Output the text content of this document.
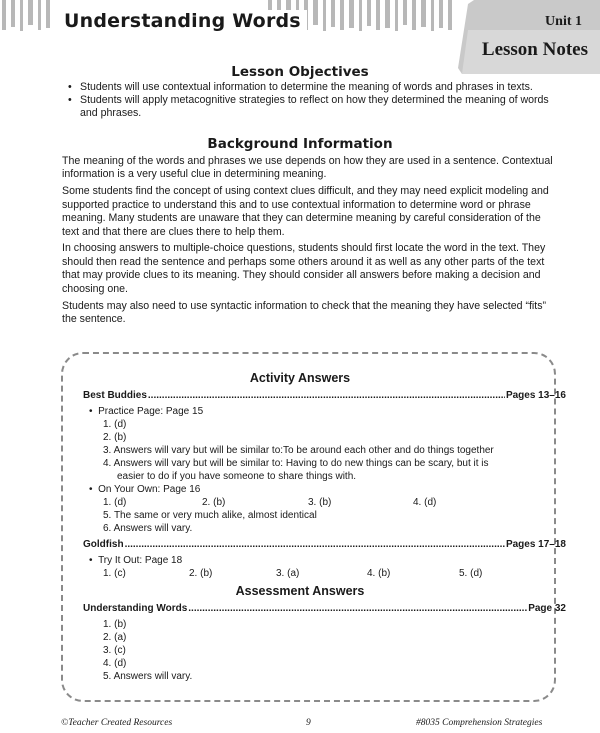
Understanding Words	Unit 1
Lesson Notes
Lesson Objectives
• Students will use contextual information to determine the meaning of words and phrases in texts.
• Students will apply metacognitive strategies to reflect on how they determined the meaning of words and phrases.
Background Information

The meaning of the words and phrases we use depends on how they are used in a sentence. Contextual information is a very useful clue in determining meaning.

Some students find the concept of using context clues difficult, and they may need explicit modeling and supported practice to understand this and to use contextual information to determine word or phrase meaning. Many students are unaware that they can determine meaning by careful consideration of the text and that there are clues there to help them.

In choosing answers to multiple-choice questions, students should first locate the word in the text. They should then read the sentence and perhaps some others around it as well as any other parts of the text that may provide clues to its meaning. They should consider all answers before making a decision and choosing one.

Students may also need to use syntactic information to check that the meaning they have selected “fits” the sentence.

Activity Answers
Best Buddies .....	Pages 13–16
•  Practice Page: Page 15
1. (d)
2. (b)
3. Answers will vary but will be similar to:To be around each other and do things together
4. Answers will vary but will be similar to: Having to do new things can be scary, but it is
easier to do if you have someone to share things with.
•  On Your Own: Page 16
1. (d)	2. (b)	3. (b)	4. (d)
5. The same or very much alike, almost identical
6. Answers will vary.
Goldfish .....	Pages 17–18
•  Try It Out: Page 18
1. (c)	2. (b)	3. (a)	4. (b)	5. (d)
Assessment Answers
Understanding Words .....	Page 32
1. (b)
2. (a)
3. (c)
4. (d)
5. Answers will vary.
©Teacher Created Resources	9	#8035 Comprehension Strategies
